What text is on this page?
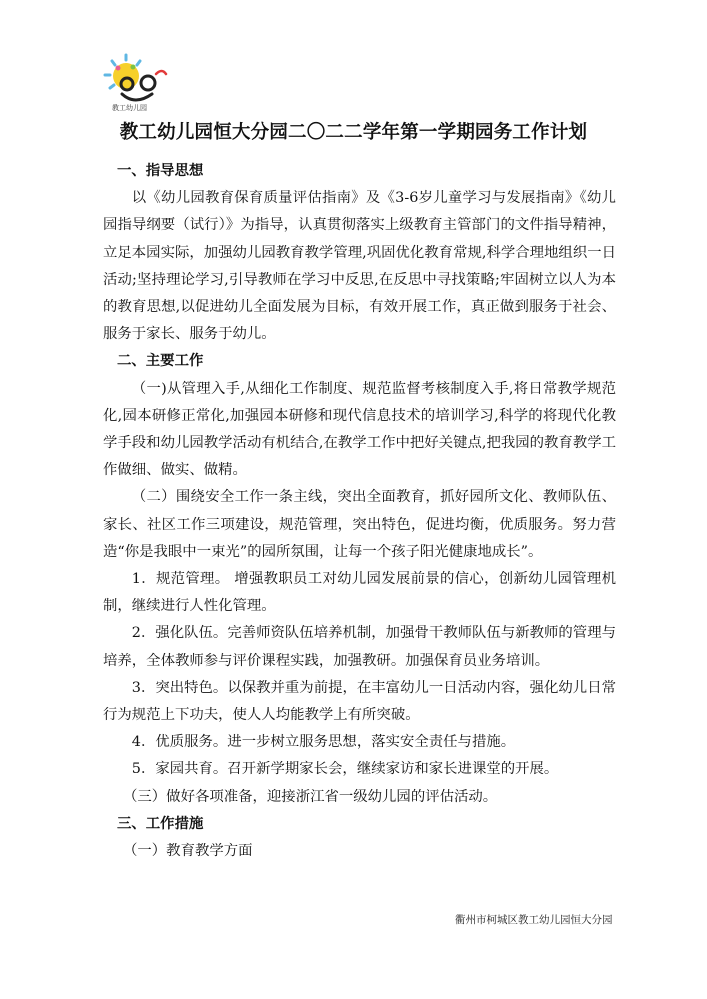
教工幼儿园
教工幼儿园恒大分园二〇二二学年第一学期园务工作计划

一、指导思想

以《幼儿园教育保育质量评估指南》及《3-6岁儿童学习与发展指南》《幼儿园指导纲要（试行）》为指导，认真贯彻落实上级教育主管部门的文件指导精神，立足本园实际，加强幼儿园教育教学管理,巩固优化教育常规,科学合理地组织一日活动;坚持理论学习,引导教师在学习中反思,在反思中寻找策略;牢固树立以人为本的教育思想,以促进幼儿全面发展为目标，有效开展工作，真正做到服务于社会、服务于家长、服务于幼儿。

二、主要工作

（一)从管理入手,从细化工作制度、规范监督考核制度入手,将日常教学规范化,园本研修正常化,加强园本研修和现代信息技术的培训学习,科学的将现代化教学手段和幼儿园教学活动有机结合,在教学工作中把好关键点,把我园的教育教学工作做细、做实、做精。

（二）围绕安全工作一条主线，突出全面教育，抓好园所文化、教师队伍、家长、社区工作三项建设，规范管理，突出特色，促进均衡，优质服务。努力营造“你是我眼中一束光”的园所氛围，让每一个孩子阳光健康地成长”。

1．规范管理。 增强教职员工对幼儿园发展前景的信心，创新幼儿园管理机制，继续进行人性化管理。

2．强化队伍。完善师资队伍培养机制，加强骨干教师队伍与新教师的管理与培养，全体教师参与评价课程实践，加强教研。加强保育员业务培训。

3．突出特色。以保教并重为前提，在丰富幼儿一日活动内容，强化幼儿日常行为规范上下功夫，使人人均能教学上有所突破。

4．优质服务。进一步树立服务思想，落实安全责任与措施。

5．家园共育。召开新学期家长会，继续家访和家长进课堂的开展。

（三）做好各项准备，迎接浙江省一级幼儿园的评估活动。

三、工作措施

（一）教育教学方面

衢州市柯城区教工幼儿园恒大分园
